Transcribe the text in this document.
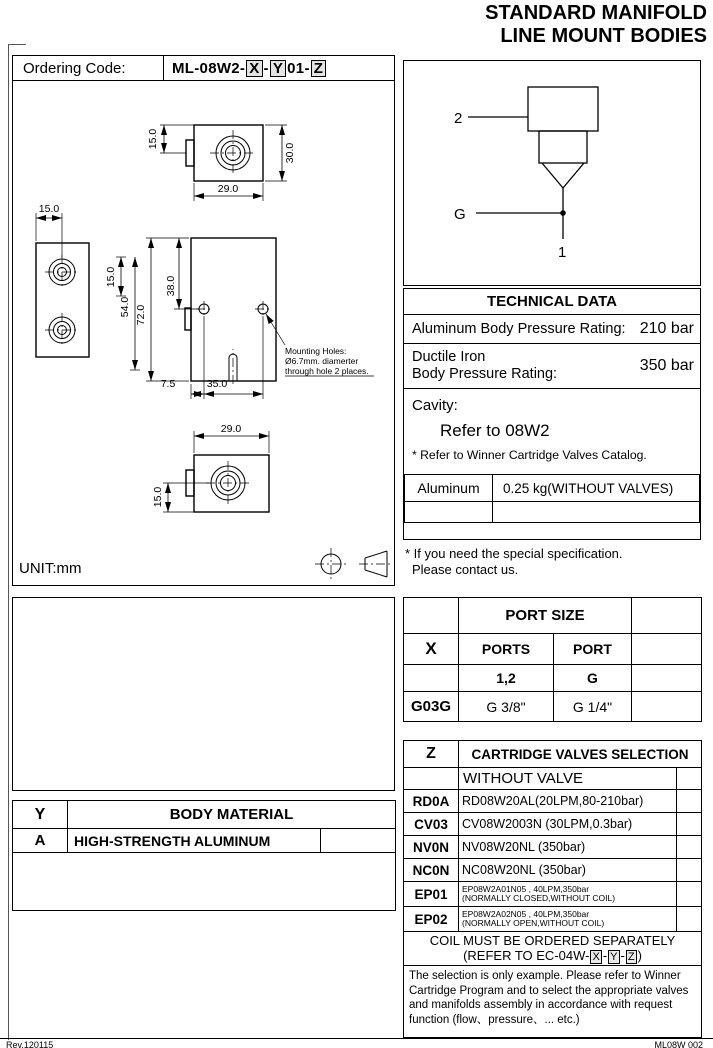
STANDARD MANIFOLD
LINE MOUNT BODIES
Ordering Code:	ML-08W2- X - Y 01- Z
15.0
30.0
29.0
15.0
15.0
54.0 72.0
38.0
7.5	35.0
Mounting Holes:
Ø6.7mm. diamerter
through hole 2 places.
29.0
15.0
UNIT:mm
2
G
1
TECHNICAL DATA
Aluminum Body Pressure Rating: 210 bar
Ductile Iron
Body Pressure Rating:	350 bar
Cavity:
Refer to 08W2
* Refer to Winner Cartridge Valves Catalog.
Aluminum	0.25 kg(WITHOUT VALVES)

* If you need the special specification.
Please contact us.
	PORT SIZE		
X	PORTS	PORT	
	1,2	G	
G03G	G 3/8"	G 1/4"	
Z	CARTRIDGE VALVES SELECTION	
	WITHOUT VALVE	
RD0A	RD08W20AL(20LPM,80-210bar)	
CV03	CV08W2003N (30LPM,0.3bar)	
NV0N	NV08W20NL (350bar)	
NC0N	NC08W20NL (350bar)	
EP01	EP08W2A01N05 , 40LPM,350bar
(NORMALLY CLOSED,WITHOUT COIL)	

EP02	EP08W2A02N05 , 40LPM,350bar
(NORMALLY OPEN,WITHOUT COIL)	

COIL MUST BE ORDERED SEPARATELY
(REFER TO EC-04W- X - Y - Z )		

The selection is only example. Please refer to Winner Cartridge Program and to select the appropriate valves and manifolds assembly in accordance with request function (flow、pressure、... etc.)		
Y	BODY MATERIAL	
A	HIGH-STRENGTH ALUMINUM	

Rev.120115	ML08W 002
